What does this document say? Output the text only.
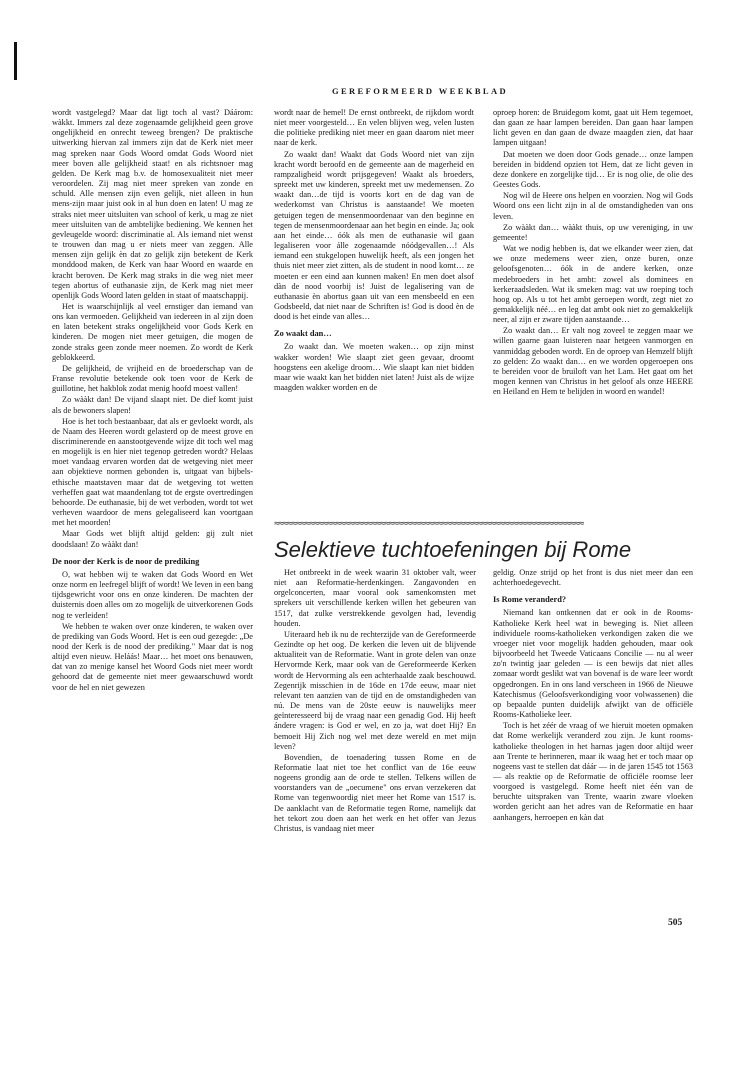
GEREFORMEERD WEEKBLAD

wordt vastgelegd? Maar dat ligt toch al vast? Dáárom: wàkkt. Immers zal deze zogenaamde gelijkheid geen grove ongelijkheid en onrecht teweeg brengen? De praktische uitwerking hiervan zal immers zijn dat de Kerk niet meer mag spreken naar Gods Woord omdat Gods Woord niet meer boven alle gelijkheid staat! en als richtsnoer mag gelden. De Kerk mag b.v. de homosexualiteit niet meer veroordelen. Zij mag niet meer spreken van zonde en schuld. Alle mensen zijn even gelijk, niet alleen in hun mens-zijn maar juist ook in al hun doen en laten! U mag ze straks niet meer uitsluiten van school of kerk, u mag ze niet meer uitsluiten van de ambtelijke bediening. We kennen het gevleugelde woord: discriminatie al. Als iemand niet wenst te trouwen dan mag u er niets meer van zeggen. Alle mensen zijn gelijk èn dat zo gelijk zijn betekent de Kerk monddood maken, de Kerk van haar Woord en waarde en kracht beroven. De Kerk mag straks in die weg niet meer tegen abortus of euthanasie zijn, de Kerk mag niet meer openlijk Gods Woord laten gelden in staat of maatschappij.

Het is waarschijnlijk al veel ernstiger dan iemand van ons kan vermoeden. Gelijkheid van iedereen in al zijn doen en laten betekent straks ongelijkheid voor Gods Kerk en kinderen. De mogen niet meer getuigen, die mogen de zonde straks geen zonde meer noemen. Zo wordt de Kerk geblokkeerd.

De gelijkheid, de vrijheid en de broederschap van de Franse revolutie betekende ook toen voor de Kerk de guillotine, het hakblok zodat menig hoofd moest vallen!

Zo wààkt dan! De vijand slaapt niet. De dief komt juist als de bewoners slapen!

Hoe is het toch bestaanbaar, dat als er gevloekt wordt, als de Naam des Heeren wordt gelasterd op de meest grove en discriminerende en aanstootgevende wijze dit toch wel mag en mogelijk is en hier niet tegenop getreden wordt? Helaas moet vandaag ervaren worden dat de wetgeving niet meer aan objektieve normen gebonden is, uitgaat van bijbels-ethische maatstaven maar dat de wetgeving tot wetten verheffen gaat wat maandenlang tot de ergste overtredingen behoorde. De euthanasie, bij de wet verboden, wordt tot wet verheven waardoor de mens gelegaliseerd kan voortgaan met het moorden!

Maar Gods wet blijft altijd gelden: gij zult niet doodslaan! Zo wààkt dan!

De noor der Kerk is de noor de prediking

O, wat hebben wij te waken dat Gods Woord en Wet onze norm en leefregel blijft of wordt! We leven in een bang tijdsgewricht voor ons en onze kinderen. De machten der duisternis doen alles om zo mogelijk de uitverkorenen Gods nog te verleiden!

We hebben te waken over onze kinderen, te waken over de prediking van Gods Woord. Het is een oud gezegde: „De nood der Kerk is de nood der prediking." Maar dat is nog altijd even nieuw. Heláás! Maar… het moet ons benauwen, dat van zo menige kansel het Woord Gods niet meer wordt gehoord dat de gemeente niet meer gewaarschuwd wordt voor de hel en niet gewezen

wordt naar de hemel! De ernst ontbreekt, de rijkdom wordt niet meer voorgesteld… En velen blijven weg, velen lusten die politieke prediking niet meer en gaan daarom niet meer naar de kerk.

Zo waakt dan! Waakt dat Gods Woord niet van zijn kracht wordt beroofd en de gemeente aan de magerheid en rampzaligheid wordt prijsgegeven! Waakt als broeders, spreekt met uw kinderen, spreekt met uw medemensen. Zo waakt dan…de tijd is voorts kort en de dag van de wederkomst van Christus is aanstaande! We moeten getuigen tegen de mensenmoordenaar van den beginne en tegen de mensenmoordenaar aan het begin en einde. Ja; ook aan het einde… óók als men de euthanasie wil gaan legaliseren voor álle zogenaamde nóódgevallen…! Als iemand een stukgelopen huwelijk heeft, als een jongen het thuis niet meer ziet zitten, als de student in nood komt… ze moeten er een eind aan kunnen maken! En men doet alsof dàn de nood voorbij is! Juist de legalisering van de euthanasie èn abortus gaan uit van een mensbeeld en een Godsbeeld, dat niet naar de Schriften is! God is dood èn de dood is het einde van alles…

Zo waakt dan…

Zo waakt dan. We moeten waken… op zijn minst wakker worden! Wie slaapt ziet geen gevaar, droomt hoogstens een akelige droom… Wie slaapt kan niet bidden maar wie waakt kan het bidden niet laten! Juist als de wijze maagden wakker worden en de

oproep horen: de Bruidegom komt, gaat uit Hem tegemoet, dan gaan ze haar lampen bereiden. Dan gaan haar lampen licht geven en dan gaan de dwaze maagden zien, dat haar lampen uitgaan!

Dat moeten we doen door Gods genade… onze lampen bereiden in biddend opzien tot Hem, dat ze licht geven in deze donkere en zorgelijke tijd… Er is nog olie, de olie des Geestes Gods.

Nog wil de Heere ons helpen en voorzien. Nog wil Gods Woord ons een licht zijn in al de omstandigheden van ons leven.

Zo wààkt dan… wààkt thuis, op uw vereniging, in uw gemeente!

Wat we nodig hebben is, dat we elkander weer zien, dat we onze medemens weer zien, onze buren, onze geloofsgenoten… óók in de andere kerken, onze medebroeders in het ambt: zowel als dominees en kerkeraadsleden. Wat ik smeken mag: vat uw roeping toch hoog op. Als u tot het ambt geroepen wordt, zegt niet zo gemakkelijk néé… en leg dat ambt ook niet zo gemakkelijk neer, al zijn er zware tijden aanstaande…

Zo waakt dan… Er valt nog zoveel te zeggen maar we willen gaarne gaan luisteren naar hetgeen vanmorgen en vanmiddag geboden wordt. En de oproep van Hemzelf blijft zo gelden: Zo waakt dan… en we worden opgeroepen ons te bereiden voor de bruiloft van het Lam. Het gaat om het mogen kennen van Christus in het geloof als onze HEERE en Heiland en Hem te belijden in woord en wandel!

≈≈≈≈≈≈≈≈≈≈≈≈≈≈≈≈≈≈≈≈≈≈≈≈≈≈≈≈≈≈≈≈≈≈≈≈≈≈≈≈≈≈≈≈≈≈≈≈≈≈≈≈≈≈≈≈≈≈≈≈≈≈≈≈≈≈≈≈≈≈
Selektieve tuchtoefeningen bij Rome

Het ontbreekt in de week waarin 31 oktober valt, weer niet aan Reformatie-herdenkingen. Zangavonden en orgelconcerten, maar vooral ook samenkomsten met sprekers uit verschillende kerken willen het gebeuren van 1517, dat zulke verstrekkende gevolgen had, levendig houden.

Uiteraard heb ik nu de rechterzijde van de Gereformeerde Gezindte op het oog. De kerken die leven uit de blijvende aktualiteit van de Reformatie. Want in grote delen van onze Hervormde Kerk, maar ook van de Gereformeerde Kerken wordt de Hervorming als een achterhaalde zaak beschouwd. Zegenrijk misschien in de 16de en 17de eeuw, maar niet relevant ten aanzien van de tijd en de omstandigheden van nú. De mens van de 20ste eeuw is nauwelijks meer geïnteresseerd bij de vraag naar een genadig God. Hij heeft ándere vragen: is God er wel, en zo ja, wat doet Hij? En bemoeit Hij Zich nog wel met deze wereld en met mijn leven?

Bovendien, de toenadering tussen Rome en de Reformatie laat niet toe het conflict van de 16e eeuw nogeens grondig aan de orde te stellen. Telkens willen de voorstanders van de „oecumene" ons ervan verzekeren dat Rome van tegenwoordig niet meer het Rome van 1517 is. De aanklacht van de Reformatie tegen Rome, namelijk dat het tekort zou doen aan het werk en het offer van Jezus Christus, is vandaag niet meer

geldig. Onze strijd op het front is dus niet meer dan een achterhoedegevecht.

Is Rome veranderd?

Niemand kan ontkennen dat er ook in de Rooms-Katholieke Kerk heel wat in beweging is. Niet alleen individuele rooms-katholieken verkondigen zaken die we vroeger niet voor mogelijk hadden gehouden, maar ook bijvoorbeeld het Tweede Vaticaans Concilie — nu al weer zo'n twintig jaar geleden — is een bewijs dat niet alles zomaar wordt geslikt wat van bovenaf is de ware leer wordt opgedrongen. En in ons land verscheen in 1966 de Nieuwe Katechismus (Geloofsverkondiging voor volwassenen) die op bepaalde punten duidelijk afwijkt van de officiële Rooms-Katholieke leer.

Toch is het zéér de vraag of we hieruit moeten opmaken dat Rome werkelijk veranderd zou zijn. Je kunt rooms-katholieke theologen in het harnas jagen door altijd weer aan Trente te herinneren, maar ik waag het er toch maar op nogeens vast te stellen dat dáár — in de jaren 1545 tot 1563 — als reaktie op de Reformatie de officiële roomse leer voorgoed is vastgelegd. Rome heeft niet één van de beruchte uitspraken van Trente, waarin zware vloeken worden gericht aan het adres van de Reformatie en haar aanhangers, herroepen en kàn dat

505
